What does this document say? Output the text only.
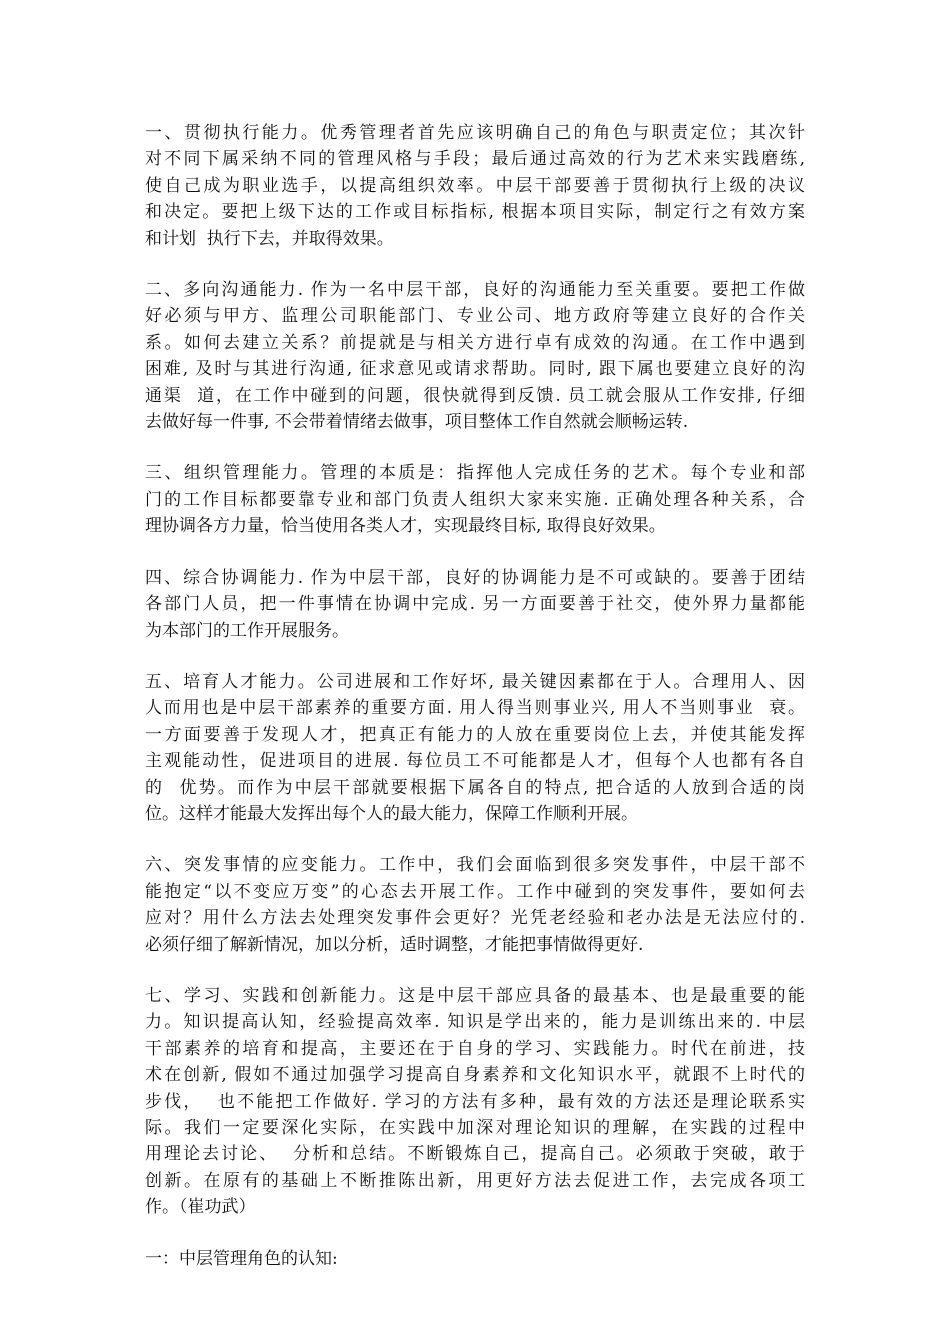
一、贯彻执行能力。优秀管理者首先应该明确自己的角色与职责定位；其次针
对不同下属采纳不同的管理风格与手段；最后通过高效的行为艺术来实践磨练,
使自己成为职业选手，以提高组织效率。中层干部要善于贯彻执行上级的决议
和决定。要把上级下达的工作或目标指标, 根据本项目实际，制定行之有效方案
和计划  执行下去，并取得效果。
二、多向沟通能力. 作为一名中层干部，良好的沟通能力至关重要。要把工作做
好必须与甲方、监理公司职能部门、专业公司、地方政府等建立良好的合作关
系。如何去建立关系？前提就是与相关方进行卓有成效的沟通。在工作中遇到
困难, 及时与其进行沟通, 征求意见或请求帮助。同时, 跟下属也要建立良好的沟
通渠  道，在工作中碰到的问题，很快就得到反馈. 员工就会服从工作安排, 仔细
去做好每一件事, 不会带着情绪去做事，项目整体工作自然就会顺畅运转.
三、组织管理能力。管理的本质是：指挥他人完成任务的艺术。每个专业和部
门的工作目标都要靠专业和部门负责人组织大家来实施. 正确处理各种关系，合
理协调各方力量，恰当使用各类人才，实现最终目标, 取得良好效果。
四、综合协调能力. 作为中层干部，良好的协调能力是不可或缺的。要善于团结
各部门人员，把一件事情在协调中完成. 另一方面要善于社交，使外界力量都能
为本部门的工作开展服务。
五、培育人才能力。公司进展和工作好坏, 最关键因素都在于人。合理用人、因
人而用也是中层干部素养的重要方面. 用人得当则事业兴, 用人不当则事业  衰。
一方面要善于发现人才，把真正有能力的人放在重要岗位上去，并使其能发挥
主观能动性，促进项目的进展. 每位员工不可能都是人才，但每个人也都有各自
的  优势。而作为中层干部就要根据下属各自的特点, 把合适的人放到合适的岗
位。这样才能最大发挥出每个人的最大能力，保障工作顺利开展。
六、突发事情的应变能力。工作中，我们会面临到很多突发事件，中层干部不
能抱定“以不变应万变”的心态去开展工作。工作中碰到的突发事件，要如何去
应对？用什么方法去处理突发事件会更好？光凭老经验和老办法是无法应付的.
必须仔细了解新情况，加以分析，适时调整，才能把事情做得更好.
七、学习、实践和创新能力。这是中层干部应具备的最基本、也是最重要的能
力。知识提高认知，经验提高效率. 知识是学出来的，能力是训练出来的. 中层
干部素养的培育和提高，主要还在于自身的学习、实践能力。时代在前进，技
术在创新, 假如不通过加强学习提高自身素养和文化知识水平，就跟不上时代的
步伐，  也不能把工作做好. 学习的方法有多种，最有效的方法还是理论联系实
际。我们一定要深化实际，在实践中加深对理论知识的理解，在实践的过程中
用理论去讨论、  分析和总结。不断锻炼自己，提高自己。必须敢于突破，敢于
创新。在原有的基础上不断推陈出新，用更好方法去促进工作，去完成各项工
作。（崔功武）
一：中层管理角色的认知:
